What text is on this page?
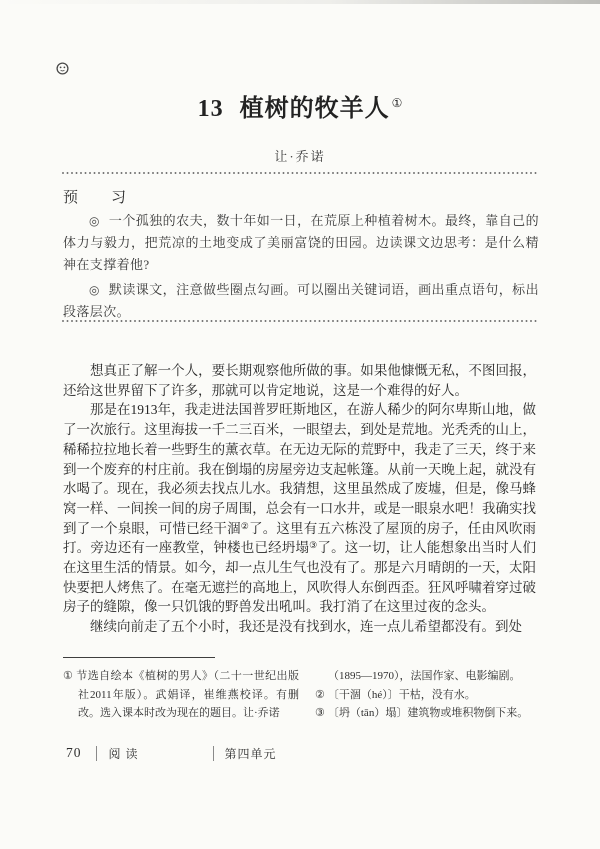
13 植树的牧羊人 ①
让·乔诺
预　习

◎ 一个孤独的农夫，数十年如一日，在荒原上种植着树木。最终，靠自己的体力与毅力，把荒凉的土地变成了美丽富饶的田园。边读课文边思考：是什么精神在支撑着他?

◎ 默读课文，注意做些圈点勾画。可以圈出关键词语，画出重点语句，标出段落层次。

想真正了解一个人，要长期观察他所做的事。如果他慷慨无私，不图回报，还给这世界留下了许多，那就可以肯定地说，这是一个难得的好人。

那是在1913年，我走进法国普罗旺斯地区，在游人稀少的阿尔卑斯山地，做了一次旅行。这里海拔一千二三百米，一眼望去，到处是荒地。光秃秃的山上，稀稀拉拉地长着一些野生的薰衣草。在无边无际的荒野中，我走了三天，终于来到一个废弃的村庄前。我在倒塌的房屋旁边支起帐篷。从前一天晚上起，就没有水喝了。现在，我必须去找点儿水。我猜想，这里虽然成了废墟，但是，像马蜂窝一样、一间挨一间的房子周围，总会有一口水井，或是一眼泉水吧！我确实找到了一个泉眼，可惜已经干涸②了。这里有五六栋没了屋顶的房子，任由风吹雨打。旁边还有一座教堂，钟楼也已经坍塌③了。这一切，让人能想象出当时人们在这里生活的情景。如今，却一点儿生气也没有了。那是六月晴朗的一天，太阳快要把人烤焦了。在毫无遮拦的高地上，风吹得人东倒西歪。狂风呼啸着穿过破房子的缝隙，像一只饥饿的野兽发出吼叫。我打消了在这里过夜的念头。

继续向前走了五个小时，我还是没有找到水，连一点儿希望都没有。到处

① 节选自绘本《植树的男人》（二十一世纪出版社2011年版）。武娟译，崔维燕校译。有删改。选入课本时改为现在的题目。让·乔诺

（1895—1970），法国作家、电影编剧。

② 〔干涸（hé）〕干枯，没有水。

③ 〔坍（tān）塌〕建筑物或堆积物倒下来。

70 阅读	第四单元
